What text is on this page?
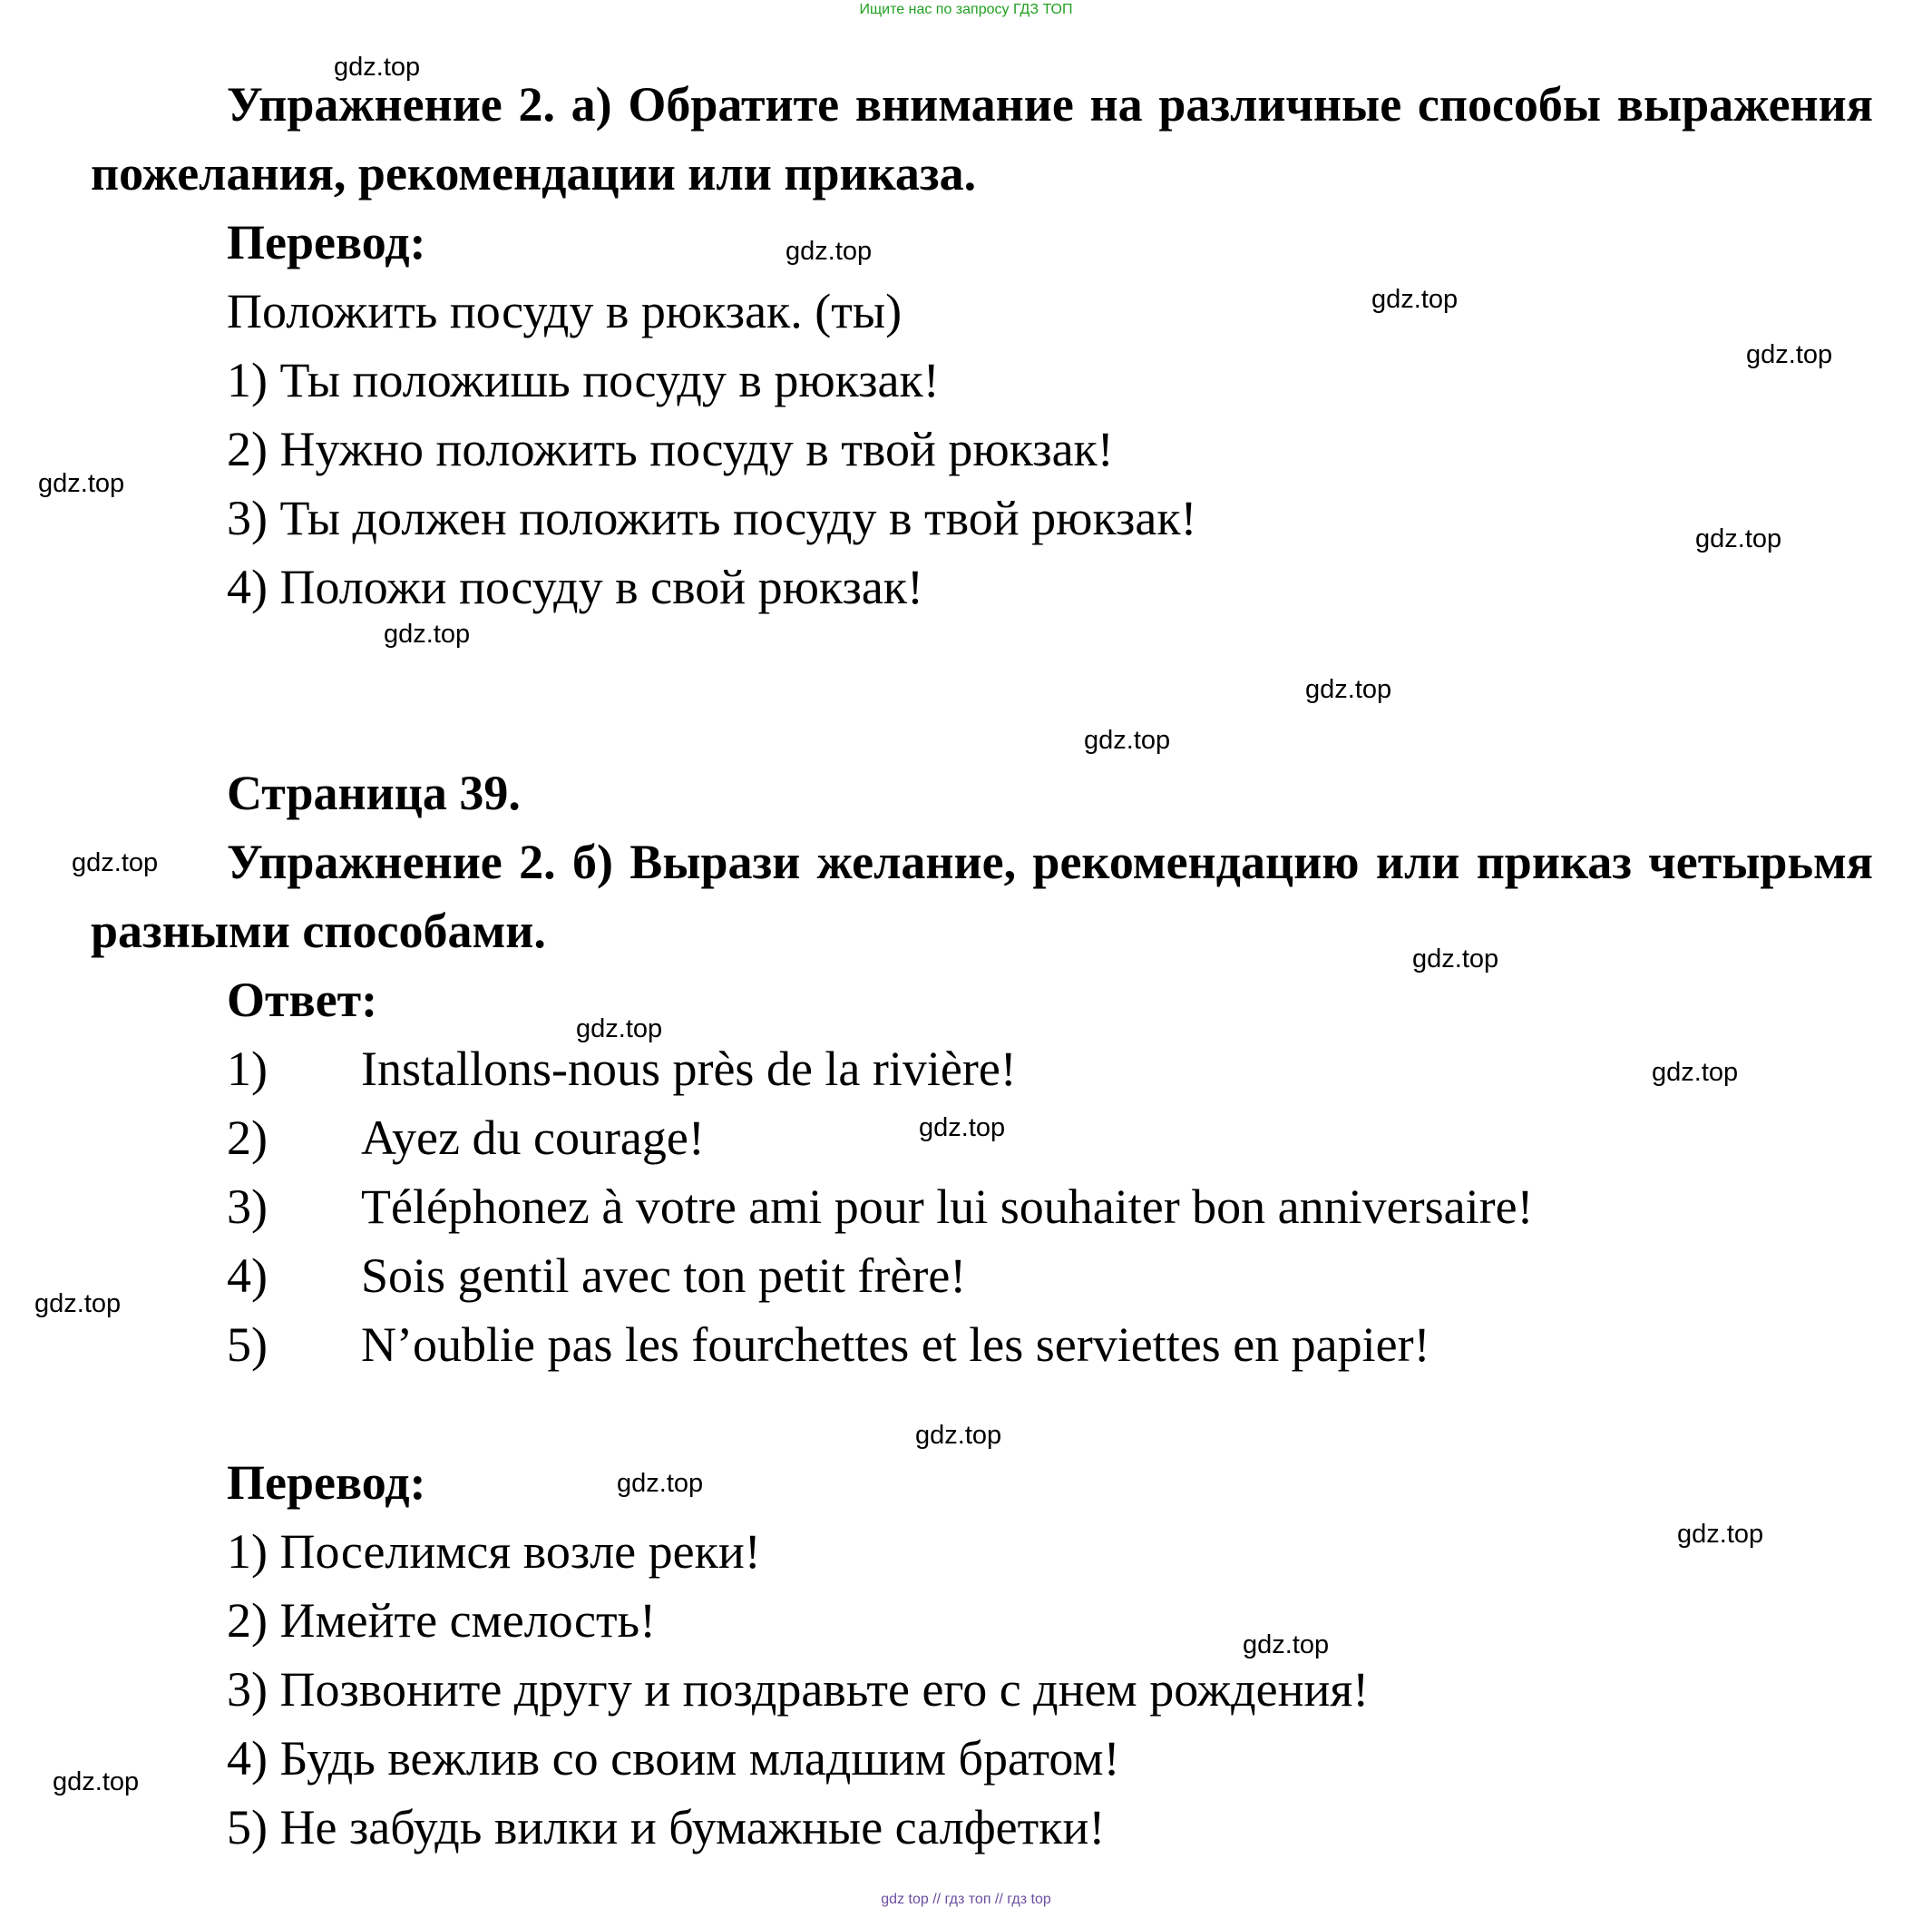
Ищите нас по запросу ГДЗ ТОП
Упражнение 2. а) Обратите внимание на различные способы выражения пожелания, рекомендации или приказа.
Перевод:
Положить посуду в рюкзак. (ты)
1) Ты положишь посуду в рюкзак!
2) Нужно положить посуду в твой рюкзак!
3) Ты должен положить посуду в твой рюкзак!
4) Положи посуду в свой рюкзак!
Страница 39.
Упражнение 2. б) Вырази желание, рекомендацию или приказ четырьмя разными способами.
Ответ:
1) Installons-nous près de la rivière!
2) Ayez du courage!
3) Téléphonez à votre ami pour lui souhaiter bon anniversaire!
4) Sois gentil avec ton petit frère!
5) N’oublie pas les fourchettes et les serviettes en papier!
Перевод:
1) Поселимся возле реки!
2) Имейте смелость!
3) Позвоните другу и поздравьте его с днем рождения!
4) Будь вежлив со своим младшим братом!
5) Не забудь вилки и бумажные салфетки!
gdz.top
gdz.top
gdz.top
gdz.top
gdz.top
gdz.top
gdz.top
gdz.top
gdz.top
gdz.top
gdz.top
gdz.top
gdz.top
gdz.top
gdz.top
gdz.top
gdz.top
gdz.top
gdz.top
gdz.top
gdz top // гдз топ // гдз top
